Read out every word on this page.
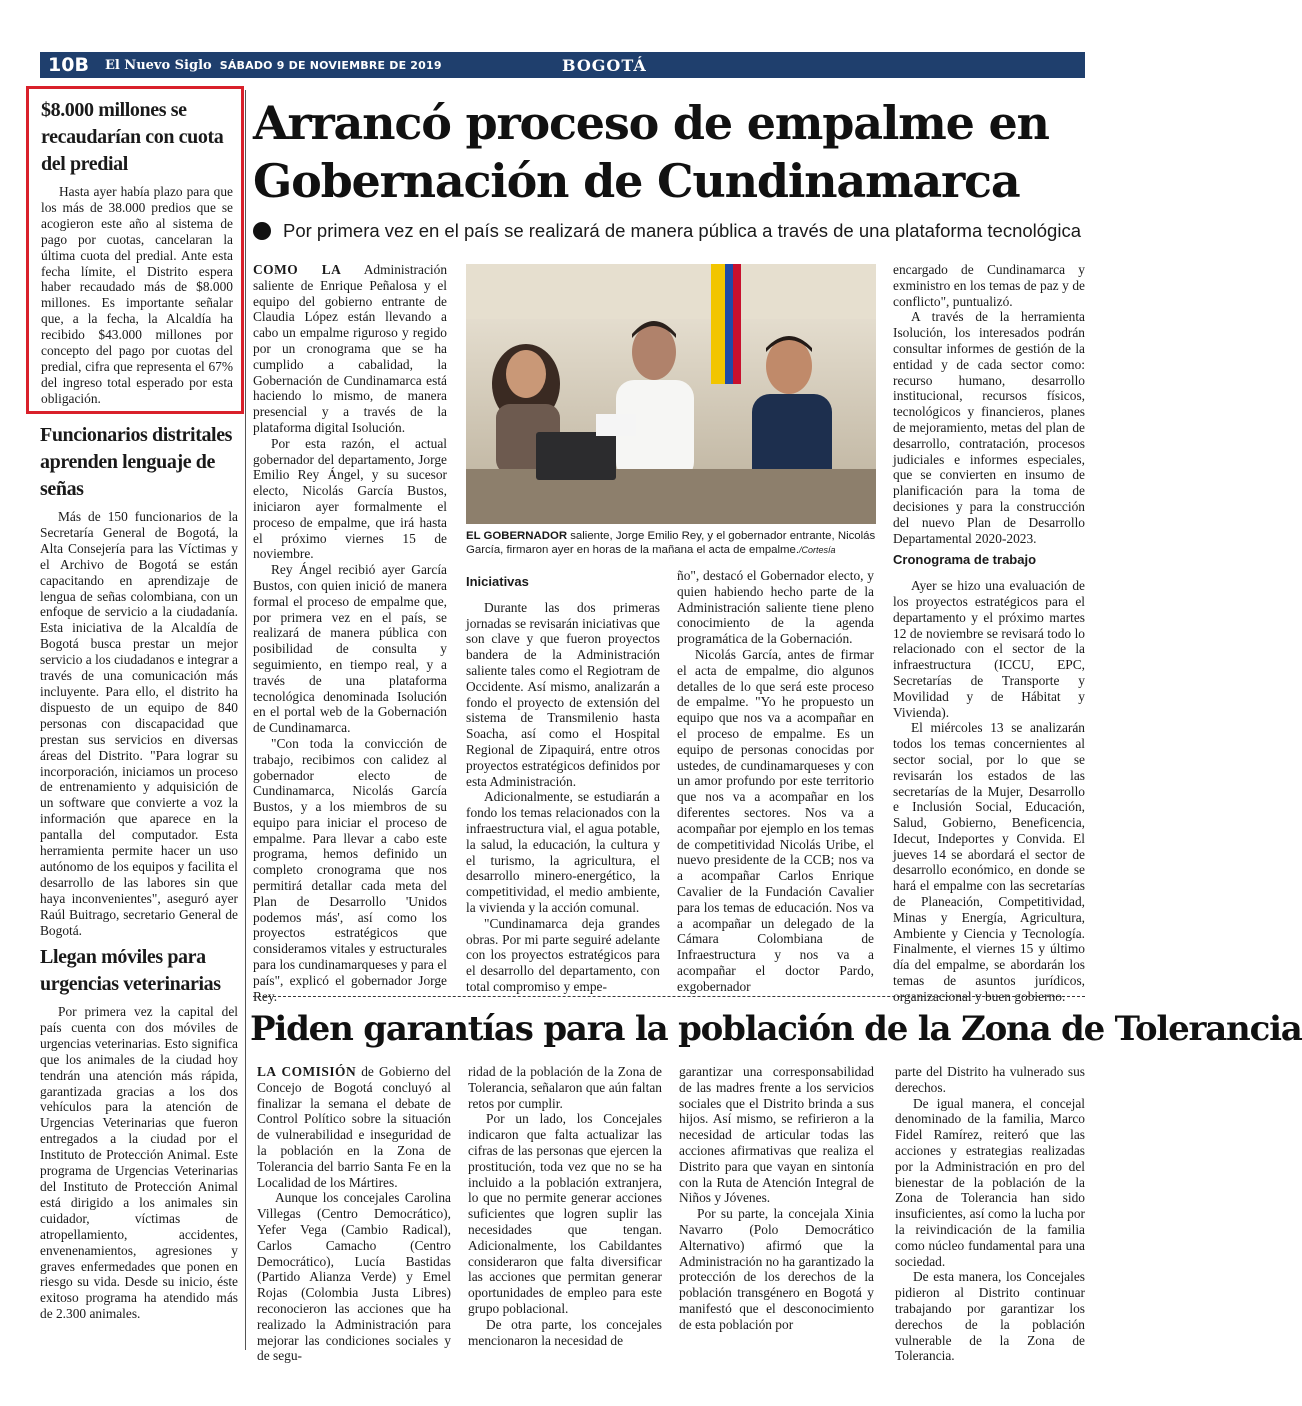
10B	El Nuevo Siglo SÁBADO 9 DE NOVIEMBRE DE 2019	BOGOTÁ
$8.000 millones se recaudarían con cuota del predial

Hasta ayer había plazo para que los más de 38.000 predios que se acogieron este año al sistema de pago por cuotas, cancelaran la última cuota del predial. Ante esta fecha límite, el Distrito espera haber recaudado más de $8.000 millones. Es importante señalar que, a la fecha, la Alcaldía ha recibido $43.000 millones por concepto del pago por cuotas del predial, cifra que representa el 67% del ingreso total esperado por esta obligación.

Funcionarios distritales aprenden lenguaje de señas

Más de 150 funcionarios de la Secretaría General de Bogotá, la Alta Consejería para las Víctimas y el Archivo de Bogotá se están capacitando en aprendizaje de lengua de señas colombiana, con un enfoque de servicio a la ciudadanía. Esta iniciativa de la Alcaldía de Bogotá busca prestar un mejor servicio a los ciudadanos e integrar a través de una comunicación más incluyente. Para ello, el distrito ha dispuesto de un equipo de 840 personas con discapacidad que prestan sus servicios en diversas áreas del Distrito. "Para lograr su incorporación, iniciamos un proceso de entrenamiento y adquisición de un software que convierte a voz la información que aparece en la pantalla del computador. Esta herramienta permite hacer un uso autónomo de los equipos y facilita el desarrollo de las labores sin que haya inconvenientes", aseguró ayer Raúl Buitrago, secretario General de Bogotá.

Llegan móviles para urgencias veterinarias

Por primera vez la capital del país cuenta con dos móviles de urgencias veterinarias. Esto significa que los animales de la ciudad hoy tendrán una atención más rápida, garantizada gracias a los dos vehículos para la atención de Urgencias Veterinarias que fueron entregados a la ciudad por el Instituto de Protección Animal. Este programa de Urgencias Veterinarias del Instituto de Protección Animal está dirigido a los animales sin cuidador, víctimas de atropellamiento, accidentes, envenenamientos, agresiones y graves enfermedades que ponen en riesgo su vida. Desde su inicio, éste exitoso programa ha atendido más de 2.300 animales.

Arrancó proceso de empalme en Gobernación de Cundinamarca
Por primera vez en el país se realizará de manera pública a través de una plataforma tecnológica

COMO LA Administración saliente de Enrique Peñalosa y el equipo del gobierno entrante de Claudia López están llevando a cabo un empalme riguroso y regido por un cronograma que se ha cumplido a cabalidad, la Gobernación de Cundinamarca está haciendo lo mismo, de manera presencial y a través de la plataforma digital Isolución.

Por esta razón, el actual gobernador del departamento, Jorge Emilio Rey Ángel, y su sucesor electo, Nicolás García Bustos, iniciaron ayer formalmente el proceso de empalme, que irá hasta el próximo viernes 15 de noviembre.

Rey Ángel recibió ayer García Bustos, con quien inició de manera formal el proceso de empalme que, por primera vez en el país, se realizará de manera pública con posibilidad de consulta y seguimiento, en tiempo real, y a través de una plataforma tecnológica denominada Isolución en el portal web de la Gobernación de Cundinamarca.

"Con toda la convicción de trabajo, recibimos con calidez al gobernador electo de Cundinamarca, Nicolás García Bustos, y a los miembros de su equipo para iniciar el proceso de empalme. Para llevar a cabo este programa, hemos definido un completo cronograma que nos permitirá detallar cada meta del Plan de Desarrollo 'Unidos podemos más', así como los proyectos estratégicos que consideramos vitales y estructurales para los cundinamarqueses y para el país", explicó el gobernador Jorge Rey.

EL GOBERNADOR saliente, Jorge Emilio Rey, y el gobernador entrante, Nicolás García, firmaron ayer en horas de la mañana el acta de empalme./Cortesía

Iniciativas

Durante las dos primeras jornadas se revisarán iniciativas que son clave y que fueron proyectos bandera de la Administración saliente tales como el Regiotram de Occidente. Así mismo, analizarán a fondo el proyecto de extensión del sistema de Transmilenio hasta Soacha, así como el Hospital Regional de Zipaquirá, entre otros proyectos estratégicos definidos por esta Administración.

Adicionalmente, se estudiarán a fondo los temas relacionados con la infraestructura vial, el agua potable, la salud, la educación, la cultura y el turismo, la agricultura, el desarrollo minero-energético, la competitividad, el medio ambiente, la vivienda y la acción comunal.

"Cundinamarca deja grandes obras. Por mi parte seguiré adelante con los proyectos estratégicos para el desarrollo del departamento, con total compromiso y empe-

ño", destacó el Gobernador electo, y quien habiendo hecho parte de la Administración saliente tiene pleno conocimiento de la agenda programática de la Gobernación.

Nicolás García, antes de firmar el acta de empalme, dio algunos detalles de lo que será este proceso de empalme. "Yo he propuesto un equipo que nos va a acompañar en el proceso de empalme. Es un equipo de personas conocidas por ustedes, de cundinamarqueses y con un amor profundo por este territorio que nos va a acompañar en los diferentes sectores. Nos va a acompañar por ejemplo en los temas de competitividad Nicolás Uribe, el nuevo presidente de la CCB; nos va a acompañar Carlos Enrique Cavalier de la Fundación Cavalier para los temas de educación. Nos va a acompañar un delegado de la Cámara Colombiana de Infraestructura y nos va a acompañar el doctor Pardo, exgobernador

encargado de Cundinamarca y exministro en los temas de paz y de conflicto", puntualizó.

A través de la herramienta Isolución, los interesados podrán consultar informes de gestión de la entidad y de cada sector como: recurso humano, desarrollo institucional, recursos físicos, tecnológicos y financieros, planes de mejoramiento, metas del plan de desarrollo, contratación, procesos judiciales e informes especiales, que se convierten en insumo de planificación para la toma de decisiones y para la construcción del nuevo Plan de Desarrollo Departamental 2020-2023.

Cronograma de trabajo

Ayer se hizo una evaluación de los proyectos estratégicos para el departamento y el próximo martes 12 de noviembre se revisará todo lo relacionado con el sector de la infraestructura (ICCU, EPC, Secretarías de Transporte y Movilidad y de Hábitat y Vivienda).

El miércoles 13 se analizarán todos los temas concernientes al sector social, por lo que se revisarán los estados de las secretarías de la Mujer, Desarrollo e Inclusión Social, Educación, Salud, Gobierno, Beneficencia, Idecut, Indeportes y Convida. El jueves 14 se abordará el sector de desarrollo económico, en donde se hará el empalme con las secretarías de Planeación, Competitividad, Minas y Energía, Agricultura, Ambiente y Ciencia y Tecnología. Finalmente, el viernes 15 y último día del empalme, se abordarán los temas de asuntos jurídicos, organizacional y buen gobierno.

Piden garantías para la población de la Zona de Tolerancia

LA COMISIÓN de Gobierno del Concejo de Bogotá concluyó al finalizar la semana el debate de Control Político sobre la situación de vulnerabilidad e inseguridad de la población en la Zona de Tolerancia del barrio Santa Fe en la Localidad de los Mártires.

Aunque los concejales Carolina Villegas (Centro Democrático), Yefer Vega (Cambio Radical), Carlos Camacho (Centro Democrático), Lucía Bastidas (Partido Alianza Verde) y Emel Rojas (Colombia Justa Libres) reconocieron las acciones que ha realizado la Administración para mejorar las condiciones sociales y de segu-

ridad de la población de la Zona de Tolerancia, señalaron que aún faltan retos por cumplir.

Por un lado, los Concejales indicaron que falta actualizar las cifras de las personas que ejercen la prostitución, toda vez que no se ha incluido a la población extranjera, lo que no permite generar acciones suficientes que logren suplir las necesidades que tengan. Adicionalmente, los Cabildantes consideraron que falta diversificar las acciones que permitan generar oportunidades de empleo para este grupo poblacional.

De otra parte, los concejales mencionaron la necesidad de

garantizar una corresponsabilidad de las madres frente a los servicios sociales que el Distrito brinda a sus hijos. Así mismo, se refirieron a la necesidad de articular todas las acciones afirmativas que realiza el Distrito para que vayan en sintonía con la Ruta de Atención Integral de Niños y Jóvenes.

Por su parte, la concejala Xinia Navarro (Polo Democrático Alternativo) afirmó que la Administración no ha garantizado la protección de los derechos de la población transgénero en Bogotá y manifestó que el desconocimiento de esta población por

parte del Distrito ha vulnerado sus derechos.

De igual manera, el concejal denominado de la familia, Marco Fidel Ramírez, reiteró que las acciones y estrategias realizadas por la Administración en pro del bienestar de la población de la Zona de Tolerancia han sido insuficientes, así como la lucha por la reivindicación de la familia como núcleo fundamental para una sociedad.

De esta manera, los Concejales pidieron al Distrito continuar trabajando por garantizar los derechos de la población vulnerable de la Zona de Tolerancia.
